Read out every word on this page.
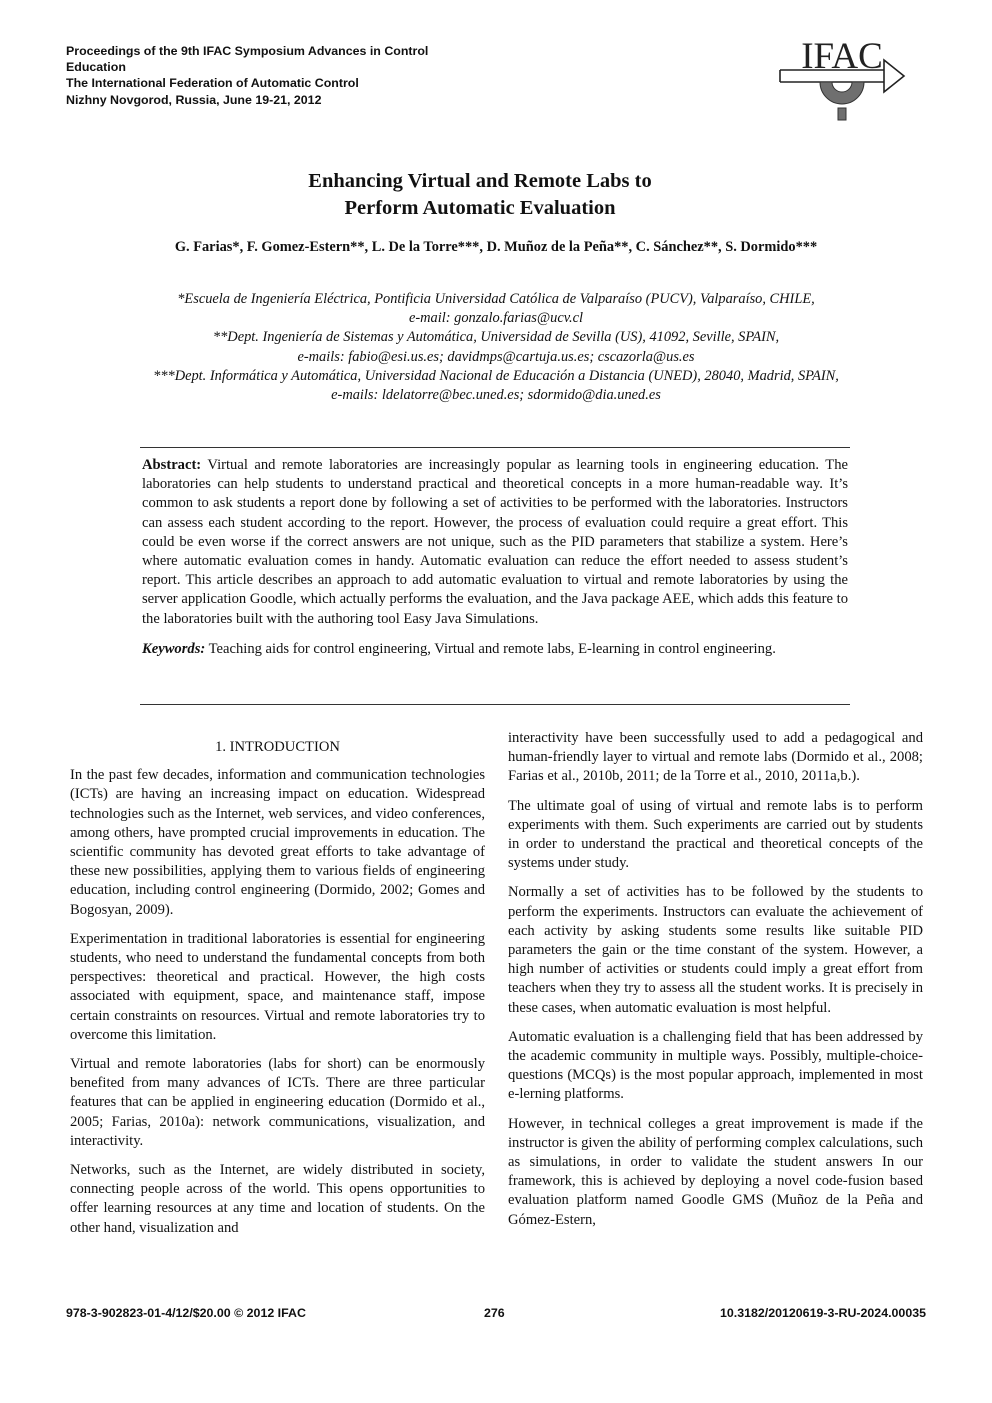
Proceedings of the 9th IFAC Symposium Advances in Control
Education
The International Federation of Automatic Control
Nizhny Novgorod, Russia, June 19-21, 2012
IFAC
Enhancing Virtual and Remote Labs to
Perform Automatic Evaluation
G. Farias*, F. Gomez-Estern**, L. De la Torre***, D. Muñoz de la Peña**, C. Sánchez**, S. Dormido***
*Escuela de Ingeniería Eléctrica, Pontificia Universidad Católica de Valparaíso (PUCV), Valparaíso, CHILE,
e-mail: gonzalo.farias@ucv.cl
**Dept. Ingeniería de Sistemas y Automática, Universidad de Sevilla (US), 41092, Seville, SPAIN,
e-mails: fabio@esi.us.es; davidmps@cartuja.us.es; cscazorla@us.es
***Dept. Informática y Automática, Universidad Nacional de Educación a Distancia (UNED), 28040, Madrid, SPAIN,
e-mails: ldelatorre@bec.uned.es; sdormido@dia.uned.es

Abstract: Virtual and remote laboratories are increasingly popular as learning tools in engineering education. The laboratories can help students to understand practical and theoretical concepts in a more human-readable way. It’s common to ask students a report done by following a set of activities to be performed with the laboratories. Instructors can assess each student according to the report. However, the process of evaluation could require a great effort. This could be even worse if the correct answers are not unique, such as the PID parameters that stabilize a system. Here’s where automatic evaluation comes in handy. Automatic evaluation can reduce the effort needed to assess student’s report. This article describes an approach to add automatic evaluation to virtual and remote laboratories by using the server application Goodle, which actually performs the evaluation, and the Java package AEE, which adds this feature to the laboratories built with the authoring tool Easy Java Simulations.

Keywords: Teaching aids for control engineering, Virtual and remote labs, E-learning in control engineering.

1. INTRODUCTION

In the past few decades, information and communication technologies (ICTs) are having an increasing impact on education. Widespread technologies such as the Internet, web services, and video conferences, among others, have prompted crucial improvements in education. The scientific community has devoted great efforts to take advantage of these new possibilities, applying them to various fields of engineering education, including control engineering (Dormido, 2002; Gomes and Bogosyan, 2009).

Experimentation in traditional laboratories is essential for engineering students, who need to understand the fundamental concepts from both perspectives: theoretical and practical. However, the high costs associated with equipment, space, and maintenance staff, impose certain constraints on resources. Virtual and remote laboratories try to overcome this limitation.

Virtual and remote laboratories (labs for short) can be enormously benefited from many advances of ICTs. There are three particular features that can be applied in engineering education (Dormido et al., 2005; Farias, 2010a): network communications, visualization, and interactivity.

Networks, such as the Internet, are widely distributed in society, connecting people across of the world. This opens opportunities to offer learning resources at any time and location of students. On the other hand, visualization and

interactivity have been successfully used to add a pedagogical and human-friendly layer to virtual and remote labs (Dormido et al., 2008; Farias et al., 2010b, 2011; de la Torre et al., 2010, 2011a,b.).

The ultimate goal of using of virtual and remote labs is to perform experiments with them. Such experiments are carried out by students in order to understand the practical and theoretical concepts of the systems under study.

Normally a set of activities has to be followed by the students to perform the experiments. Instructors can evaluate the achievement of each activity by asking students some results like suitable PID parameters the gain or the time constant of the system. However, a high number of activities or students could imply a great effort from teachers when they try to assess all the student works. It is precisely in these cases, when automatic evaluation is most helpful.

Automatic evaluation is a challenging field that has been addressed by the academic community in multiple ways. Possibly, multiple-choice-questions (MCQs) is the most popular approach, implemented in most e-lerning platforms.

However, in technical colleges a great improvement is made if the instructor is given the ability of performing complex calculations, such as simulations, in order to validate the student answers In our framework, this is achieved by deploying a novel code-fusion based evaluation platform named Goodle GMS (Muñoz de la Peña and Gómez-Estern,

978-3-902823-01-4/12/$20.00 © 2012 IFAC	276	10.3182/20120619-3-RU-2024.00035
